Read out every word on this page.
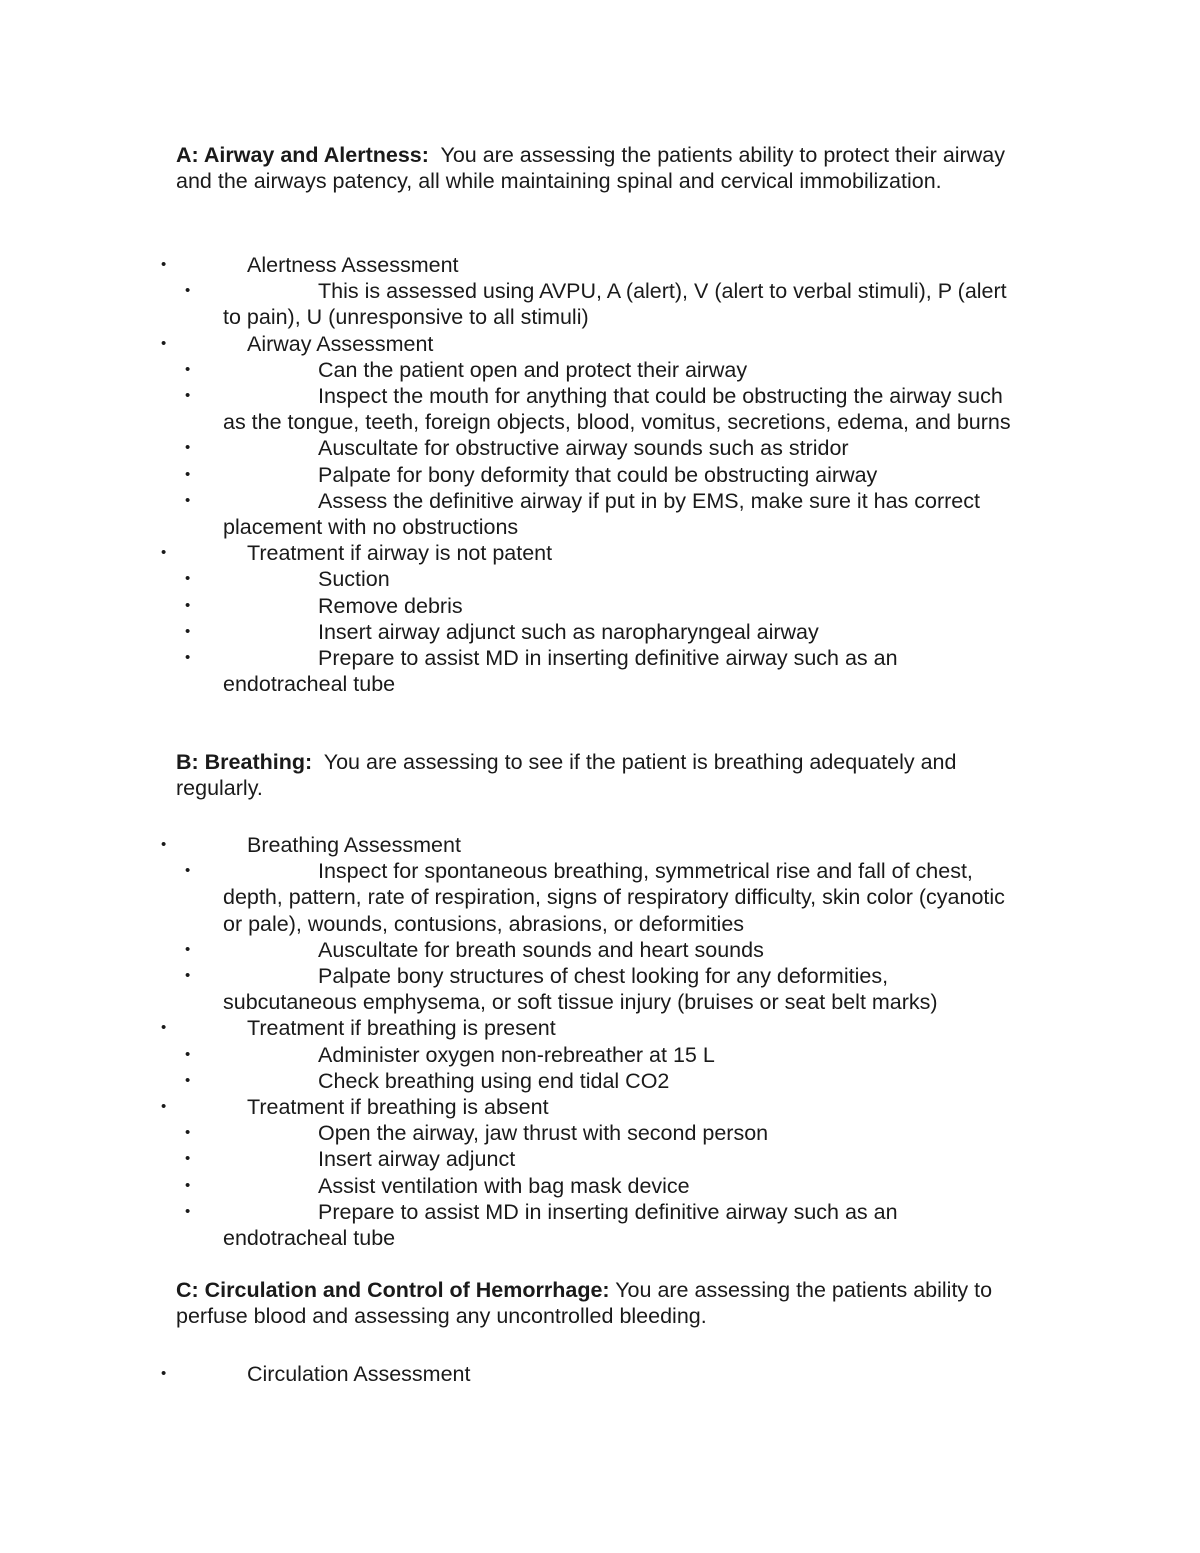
A: Airway and Alertness: You are assessing the patients ability to protect their airway and the airways patency, all while maintaining spinal and cervical immobilization.

•	Alertness Assessment
•	This is assessed using AVPU, A (alert), V (alert to verbal stimuli), P (alert to pain), U (unresponsive to all stimuli)
•	Airway Assessment
•	Can the patient open and protect their airway
•	Inspect the mouth for anything that could be obstructing the airway such as the tongue, teeth, foreign objects, blood, vomitus, secretions, edema, and burns
•	Auscultate for obstructive airway sounds such as stridor
•	Palpate for bony deformity that could be obstructing airway
•	Assess the definitive airway if put in by EMS, make sure it has correct placement with no obstructions
•	Treatment if airway is not patent
•	Suction
•	Remove debris
•	Insert airway adjunct such as naropharyngeal airway
•	Prepare to assist MD in inserting definitive airway such as an endotracheal tube

B: Breathing: You are assessing to see if the patient is breathing adequately and regularly.

•	Breathing Assessment
•	Inspect for spontaneous breathing, symmetrical rise and fall of chest, depth, pattern, rate of respiration, signs of respiratory difficulty, skin color (cyanotic or pale), wounds, contusions, abrasions, or deformities
•	Auscultate for breath sounds and heart sounds
•	Palpate bony structures of chest looking for any deformities, subcutaneous emphysema, or soft tissue injury (bruises or seat belt marks)
•	Treatment if breathing is present
•	Administer oxygen non-rebreather at 15 L
•	Check breathing using end tidal CO2
•	Treatment if breathing is absent
•	Open the airway, jaw thrust with second person
•	Insert airway adjunct
•	Assist ventilation with bag mask device
•	Prepare to assist MD in inserting definitive airway such as an endotracheal tube

C: Circulation and Control of Hemorrhage: You are assessing the patients ability to perfuse blood and assessing any uncontrolled bleeding.

•	Circulation Assessment
